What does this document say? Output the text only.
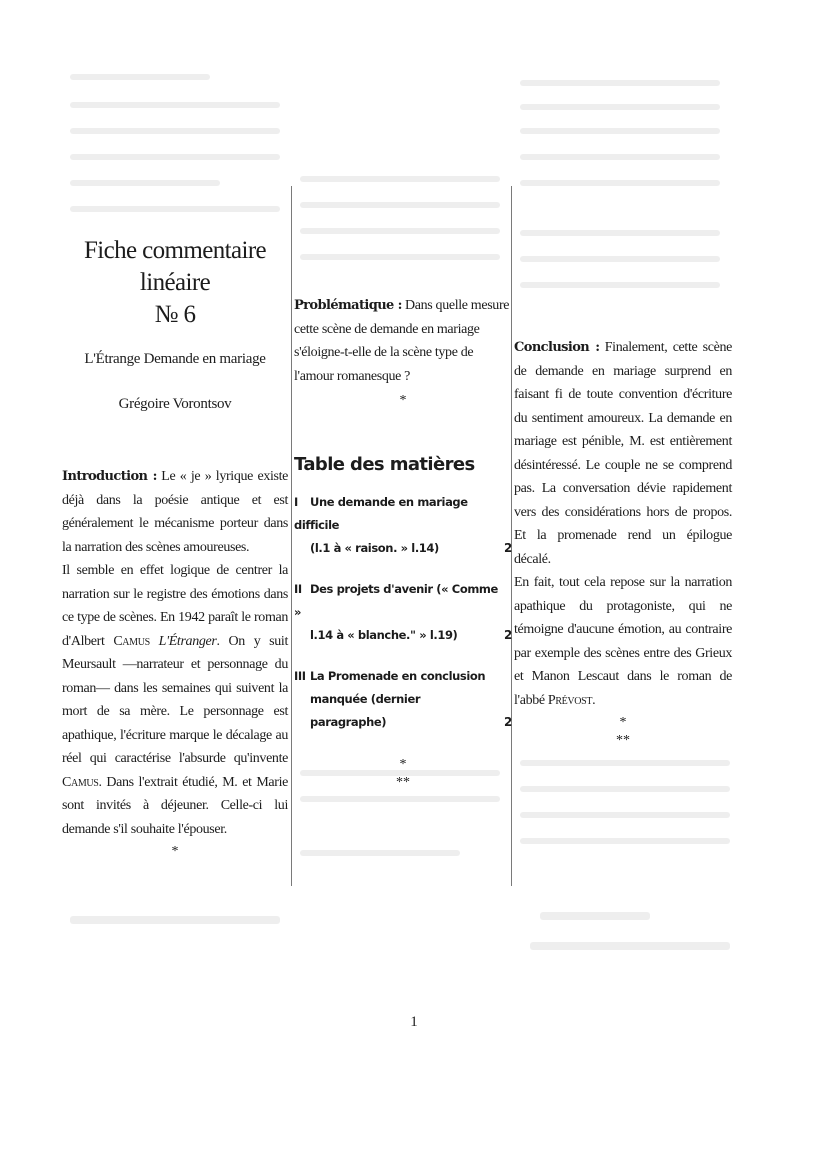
Fiche commentaire linéaire
№ 6
L'Étrange Demande en mariage
Grégoire Vorontsov

Introduction : Le « je » lyrique existe déjà dans la poésie antique et est généralement le mécanisme porteur dans la narration des scènes amoureuses.

Il semble en effet logique de centrer la narration sur le registre des émotions dans ce type de scènes. En 1942 paraît le roman d'Albert Camus L'Étranger. On y suit Meursault —narrateur et personnage du roman— dans les semaines qui suivent la mort de sa mère. Le personnage est apathique, l'écriture marque le décalage au réel qui caractérise l'absurde qu'invente Camus. Dans l'extrait étudié, M. et Marie sont invités à déjeuner. Celle-ci lui demande s'il souhaite l'épouser.

*

Problématique : Dans quelle mesure cette scène de demande en mariage s'éloigne-t-elle de la scène type de l'amour romanesque ?

*
Table des matières
I Une demande en mariage difficile
(l.1 à « raison. » l.14)	2
II Des projets d'avenir (« Comme »
l.14 à « blanche." » l.19)	2
III La Promenade en conclusion
manquée (dernier paragraphe)	2
*
**

Conclusion : Finalement, cette scène de demande en mariage surprend en faisant fi de toute convention d'écriture du sentiment amoureux. La demande en mariage est pénible, M. est entièrement désintéressé. Le couple ne se comprend pas. La conversation dévie rapidement vers des considérations hors de propos. Et la promenade rend un épilogue décalé.

En fait, tout cela repose sur la narration apathique du protagoniste, qui ne témoigne d'aucune émotion, au contraire par exemple des scènes entre des Grieux et Manon Lescaut dans le roman de l'abbé Prévost.

*
**
1
